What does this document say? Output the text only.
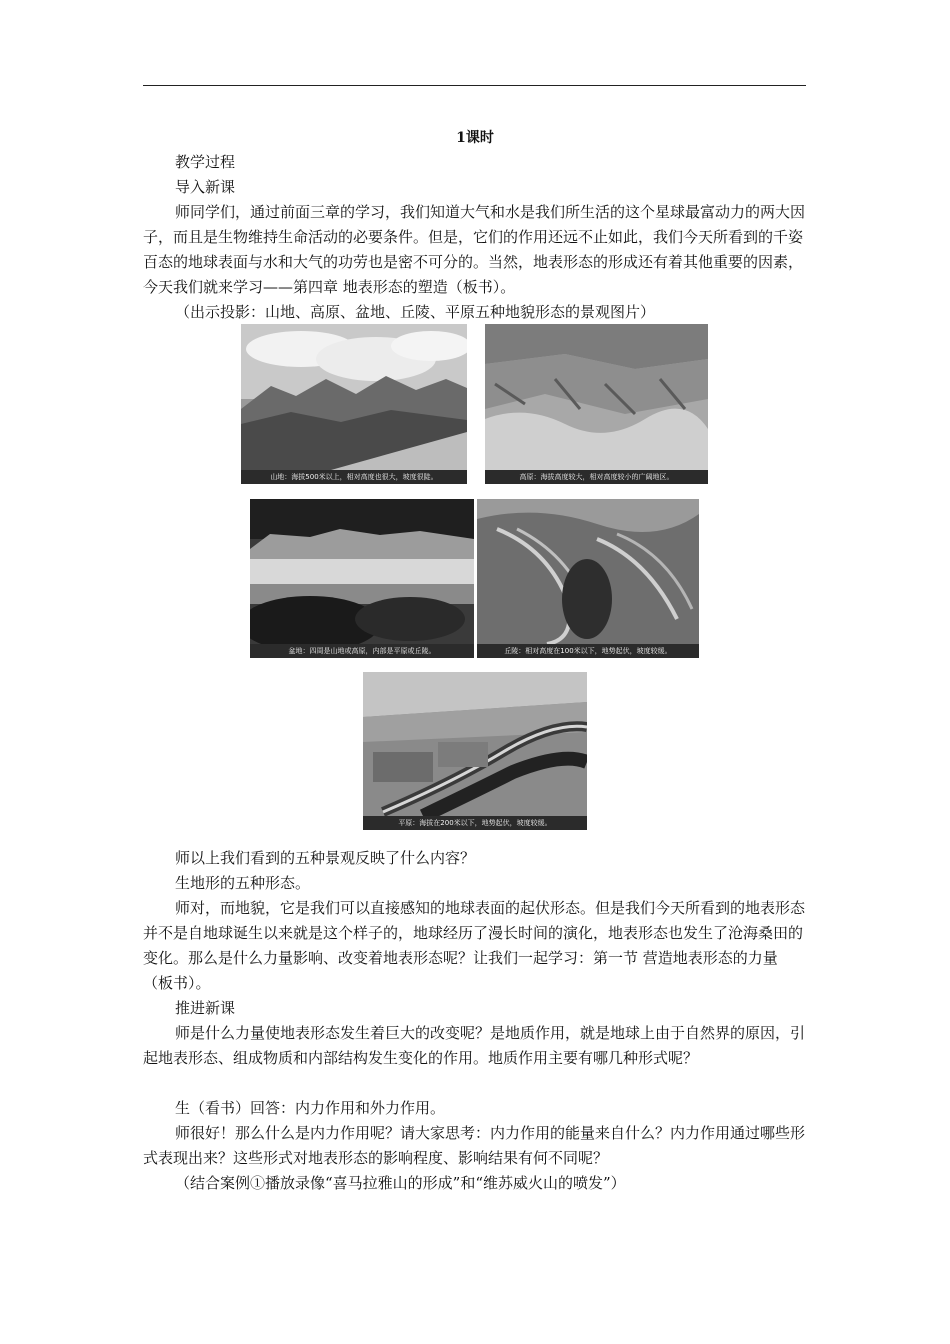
1课时

教学过程

导入新课

师同学们，通过前面三章的学习，我们知道大气和水是我们所生活的这个星球最富动力的两大因子，而且是生物维持生命活动的必要条件。但是，它们的作用还远不止如此，我们今天所看到的千姿百态的地球表面与水和大气的功劳也是密不可分的。当然，地表形态的形成还有着其他重要的因素，今天我们就来学习——第四章 地表形态的塑造（板书）。

（出示投影：山地、高原、盆地、丘陵、平原五种地貌形态的景观图片）

山地：海拔500米以上，相对高度也很大，坡度很陡。	高原：海拔高度较大，相对高度较小的广阔地区。
盆地：四周是山地或高原，内部是平原或丘陵。	丘陵：相对高度在100米以下，地势起伏，坡度较缓。
平原：海拔在200米以下，地势起伏，坡度较缓。

师以上我们看到的五种景观反映了什么内容？

生地形的五种形态。

师对，而地貌，它是我们可以直接感知的地球表面的起伏形态。但是我们今天所看到的地表形态并不是自地球诞生以来就是这个样子的，地球经历了漫长时间的演化，地表形态也发生了沧海桑田的变化。那么是什么力量影响、改变着地表形态呢？让我们一起学习：第一节 营造地表形态的力量（板书）。

推进新课

师是什么力量使地表形态发生着巨大的改变呢？是地质作用，就是地球上由于自然界的原因，引起地表形态、组成物质和内部结构发生变化的作用。地质作用主要有哪几种形式呢？

生（看书）回答：内力作用和外力作用。

师很好！那么什么是内力作用呢？请大家思考：内力作用的能量来自什么？内力作用通过哪些形式表现出来？这些形式对地表形态的影响程度、影响结果有何不同呢？

（结合案例①播放录像“喜马拉雅山的形成”和“维苏威火山的喷发”）
